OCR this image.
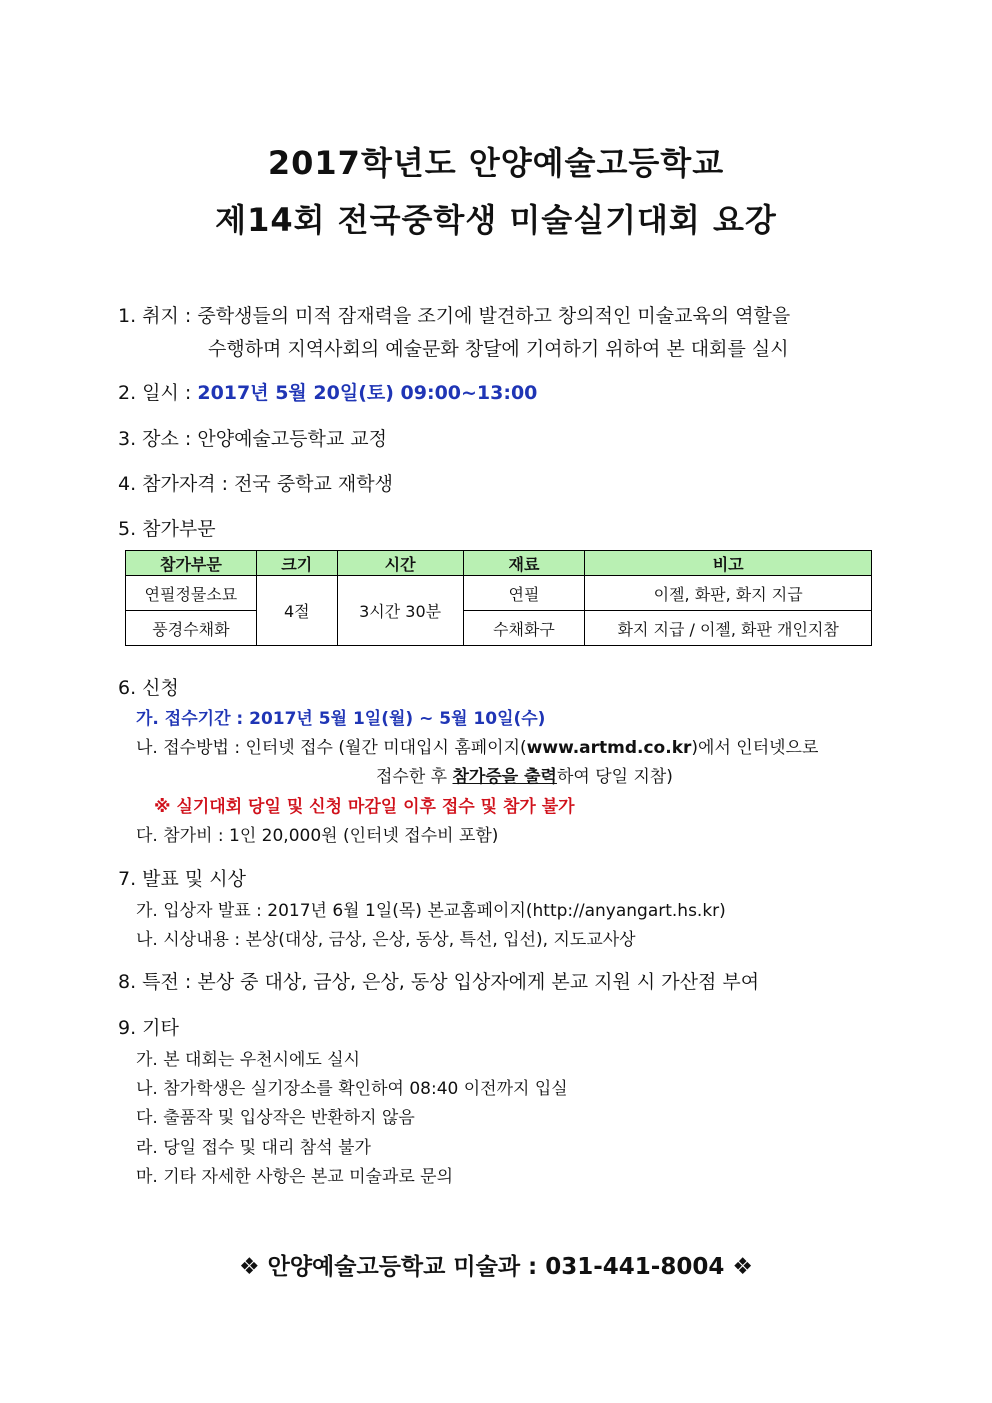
2017학년도 안양예술고등학교
제14회 전국중학생 미술실기대회 요강
1. 취지 : 중학생들의 미적 잠재력을 조기에 발견하고 창의적인 미술교육의 역할을
수행하며 지역사회의 예술문화 창달에 기여하기 위하여 본 대회를 실시
2. 일시 : 2017년 5월 20일(토) 09:00~13:00
3. 장소 : 안양예술고등학교 교정
4. 참가자격 : 전국 중학교 재학생
5. 참가부문
참가부문	크기	시간	재료	비고
연필정물소묘	4절	3시간 30분	연필	이젤, 화판, 화지 지급
풍경수채화			수채화구	화지 지급 / 이젤, 화판 개인지참
6. 신청
가. 접수기간 : 2017년 5월 1일(월) ~ 5월 10일(수)
나. 접수방법 : 인터넷 접수 (월간 미대입시 홈페이지(www.artmd.co.kr)에서 인터넷으로
접수한 후 참가증을 출력하여 당일 지참)
※ 실기대회 당일 및 신청 마감일 이후 접수 및 참가 불가
다. 참가비 : 1인 20,000원 (인터넷 접수비 포함)
7. 발표 및 시상
가. 입상자 발표 : 2017년 6월 1일(목) 본교홈페이지(http://anyangart.hs.kr)
나. 시상내용 : 본상(대상, 금상, 은상, 동상, 특선, 입선), 지도교사상
8. 특전 : 본상 중 대상, 금상, 은상, 동상 입상자에게 본교 지원 시 가산점 부여
9. 기타
가. 본 대회는 우천시에도 실시
나. 참가학생은 실기장소를 확인하여 08:40 이전까지 입실
다. 출품작 및 입상작은 반환하지 않음
라. 당일 접수 및 대리 참석 불가
마. 기타 자세한 사항은 본교 미술과로 문의
❖ 안양예술고등학교 미술과 : 031-441-8004 ❖
